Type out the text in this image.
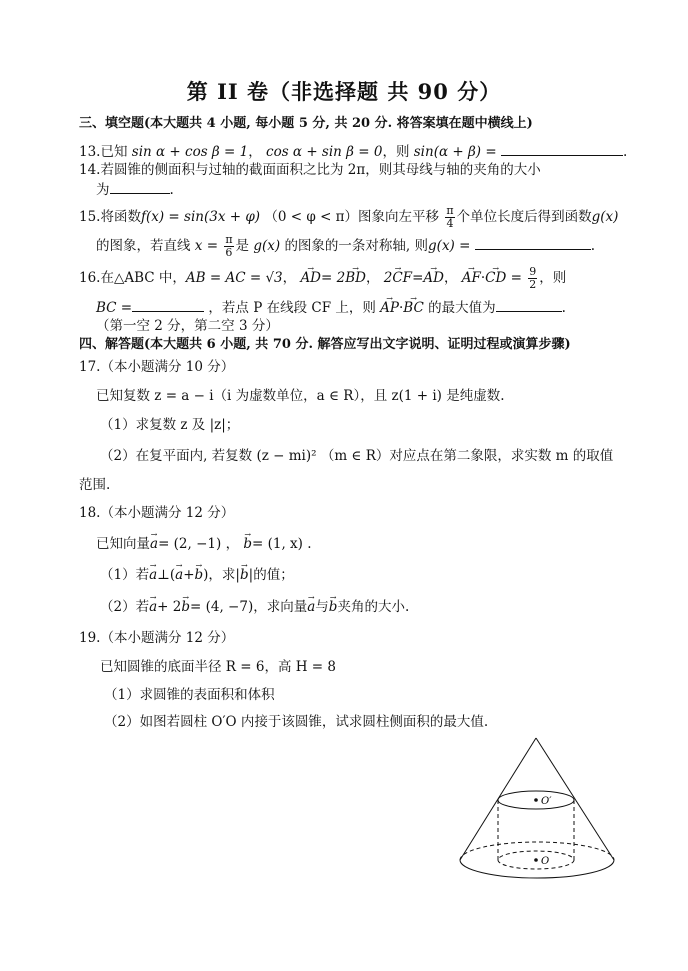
第 II 卷（非选择题 共 90 分）
三、填空题(本大题共 4 小题, 每小题 5 分, 共 20 分. 将答案填在题中横线上)
13.已知 sin α + cos β = 1， cos α + sin β = 0，则 sin(α + β) =	.
14.若圆锥的侧面积与过轴的截面面积之比为 2π，则其母线与轴的夹角的大小
为	.
15.将函数f(x) = sin(3x + φ) （0 < φ < π）图象向左平移 $\frac{\pi}{4}$ 个单位长度后得到函数g(x)
的图象，若直线 $x = \frac{\pi}{6}$ 是 g(x) 的图象的一条对称轴, 则g(x) =	.
16.在△ABC 中，AB = AC = √3， → AD= 2→ BD， → 2CF=→ AD， → AF·→ CD = $\frac{9}{2}$ ，则
BC =	，若点 P 在线段 CF 上，则 → AP·→ BC 的最大值为	.
（第一空 2 分，第二空 3 分）
四、解答题(本大题共 6 小题, 共 70 分. 解答应写出文字说明、证明过程或演算步骤)
17.（本小题满分 10 分）
已知复数 z = a − i（i 为虚数单位，a ∈ R），且 z(1 + i) 是纯虚数.
（1）求复数 z 及 |z|；
（2）在复平面内, 若复数 (z − mi)² （m ∈ R）对应点在第二象限，求实数 m 的取值
范围.
18.（本小题满分 12 分）
已知向量→ a= (2, −1) ， → b= (1, x) .
（1）若→ a⊥(→ a+→ b)，求|→ b|的值；
（2）若→ a+ 2→ b= (4, −7)，求向量→ a与→ b夹角的大小.
19.（本小题满分 12 分）
已知圆锥的底面半径 R = 6，高 H = 8
（1）求圆锥的表面积和体积
（2）如图若圆柱 O′O 内接于该圆锥，试求圆柱侧面积的最大值.
O′
O
